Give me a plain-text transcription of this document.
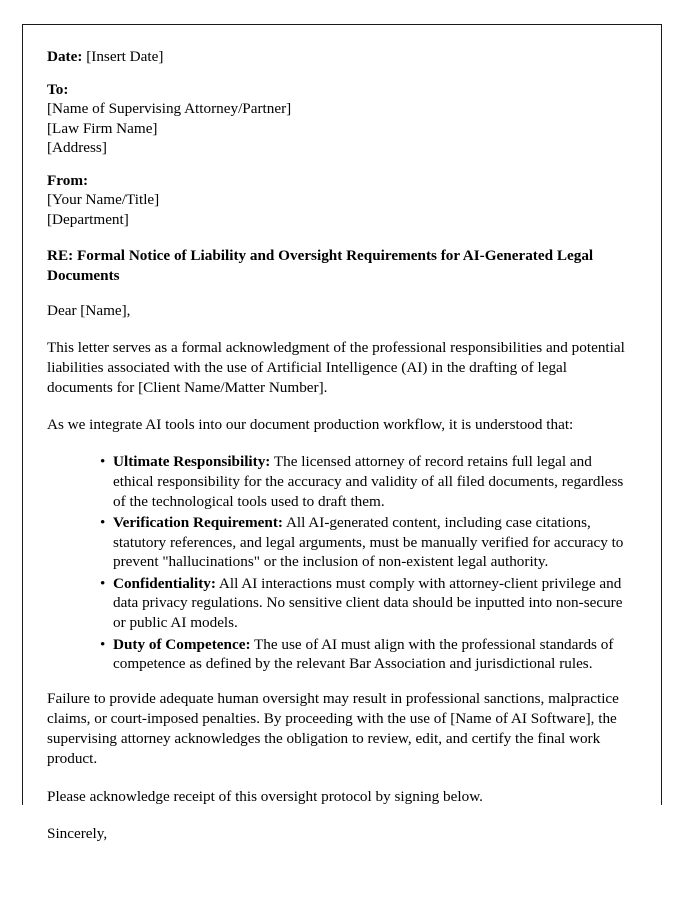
Date: [Insert Date]
To:
[Name of Supervising Attorney/Partner]
[Law Firm Name]
[Address]
From:
[Your Name/Title]
[Department]
RE: Formal Notice of Liability and Oversight Requirements for AI-Generated Legal Documents
Dear [Name],

This letter serves as a formal acknowledgment of the professional responsibilities and potential liabilities associated with the use of Artificial Intelligence (AI) in the drafting of legal documents for [Client Name/Matter Number].

As we integrate AI tools into our document production workflow, it is understood that:

• Ultimate Responsibility: The licensed attorney of record retains full legal and ethical responsibility for the accuracy and validity of all filed documents, regardless of the technological tools used to draft them.
• Verification Requirement: All AI-generated content, including case citations, statutory references, and legal arguments, must be manually verified for accuracy to prevent "hallucinations" or the inclusion of non-existent legal authority.
• Confidentiality: All AI interactions must comply with attorney-client privilege and data privacy regulations. No sensitive client data should be inputted into non-secure or public AI models.
• Duty of Competence: The use of AI must align with the professional standards of competence as defined by the relevant Bar Association and jurisdictional rules.

Failure to provide adequate human oversight may result in professional sanctions, malpractice claims, or court-imposed penalties. By proceeding with the use of [Name of AI Software], the supervising attorney acknowledges the obligation to review, edit, and certify the final work product.

Please acknowledge receipt of this oversight protocol by signing below.

Sincerely,
